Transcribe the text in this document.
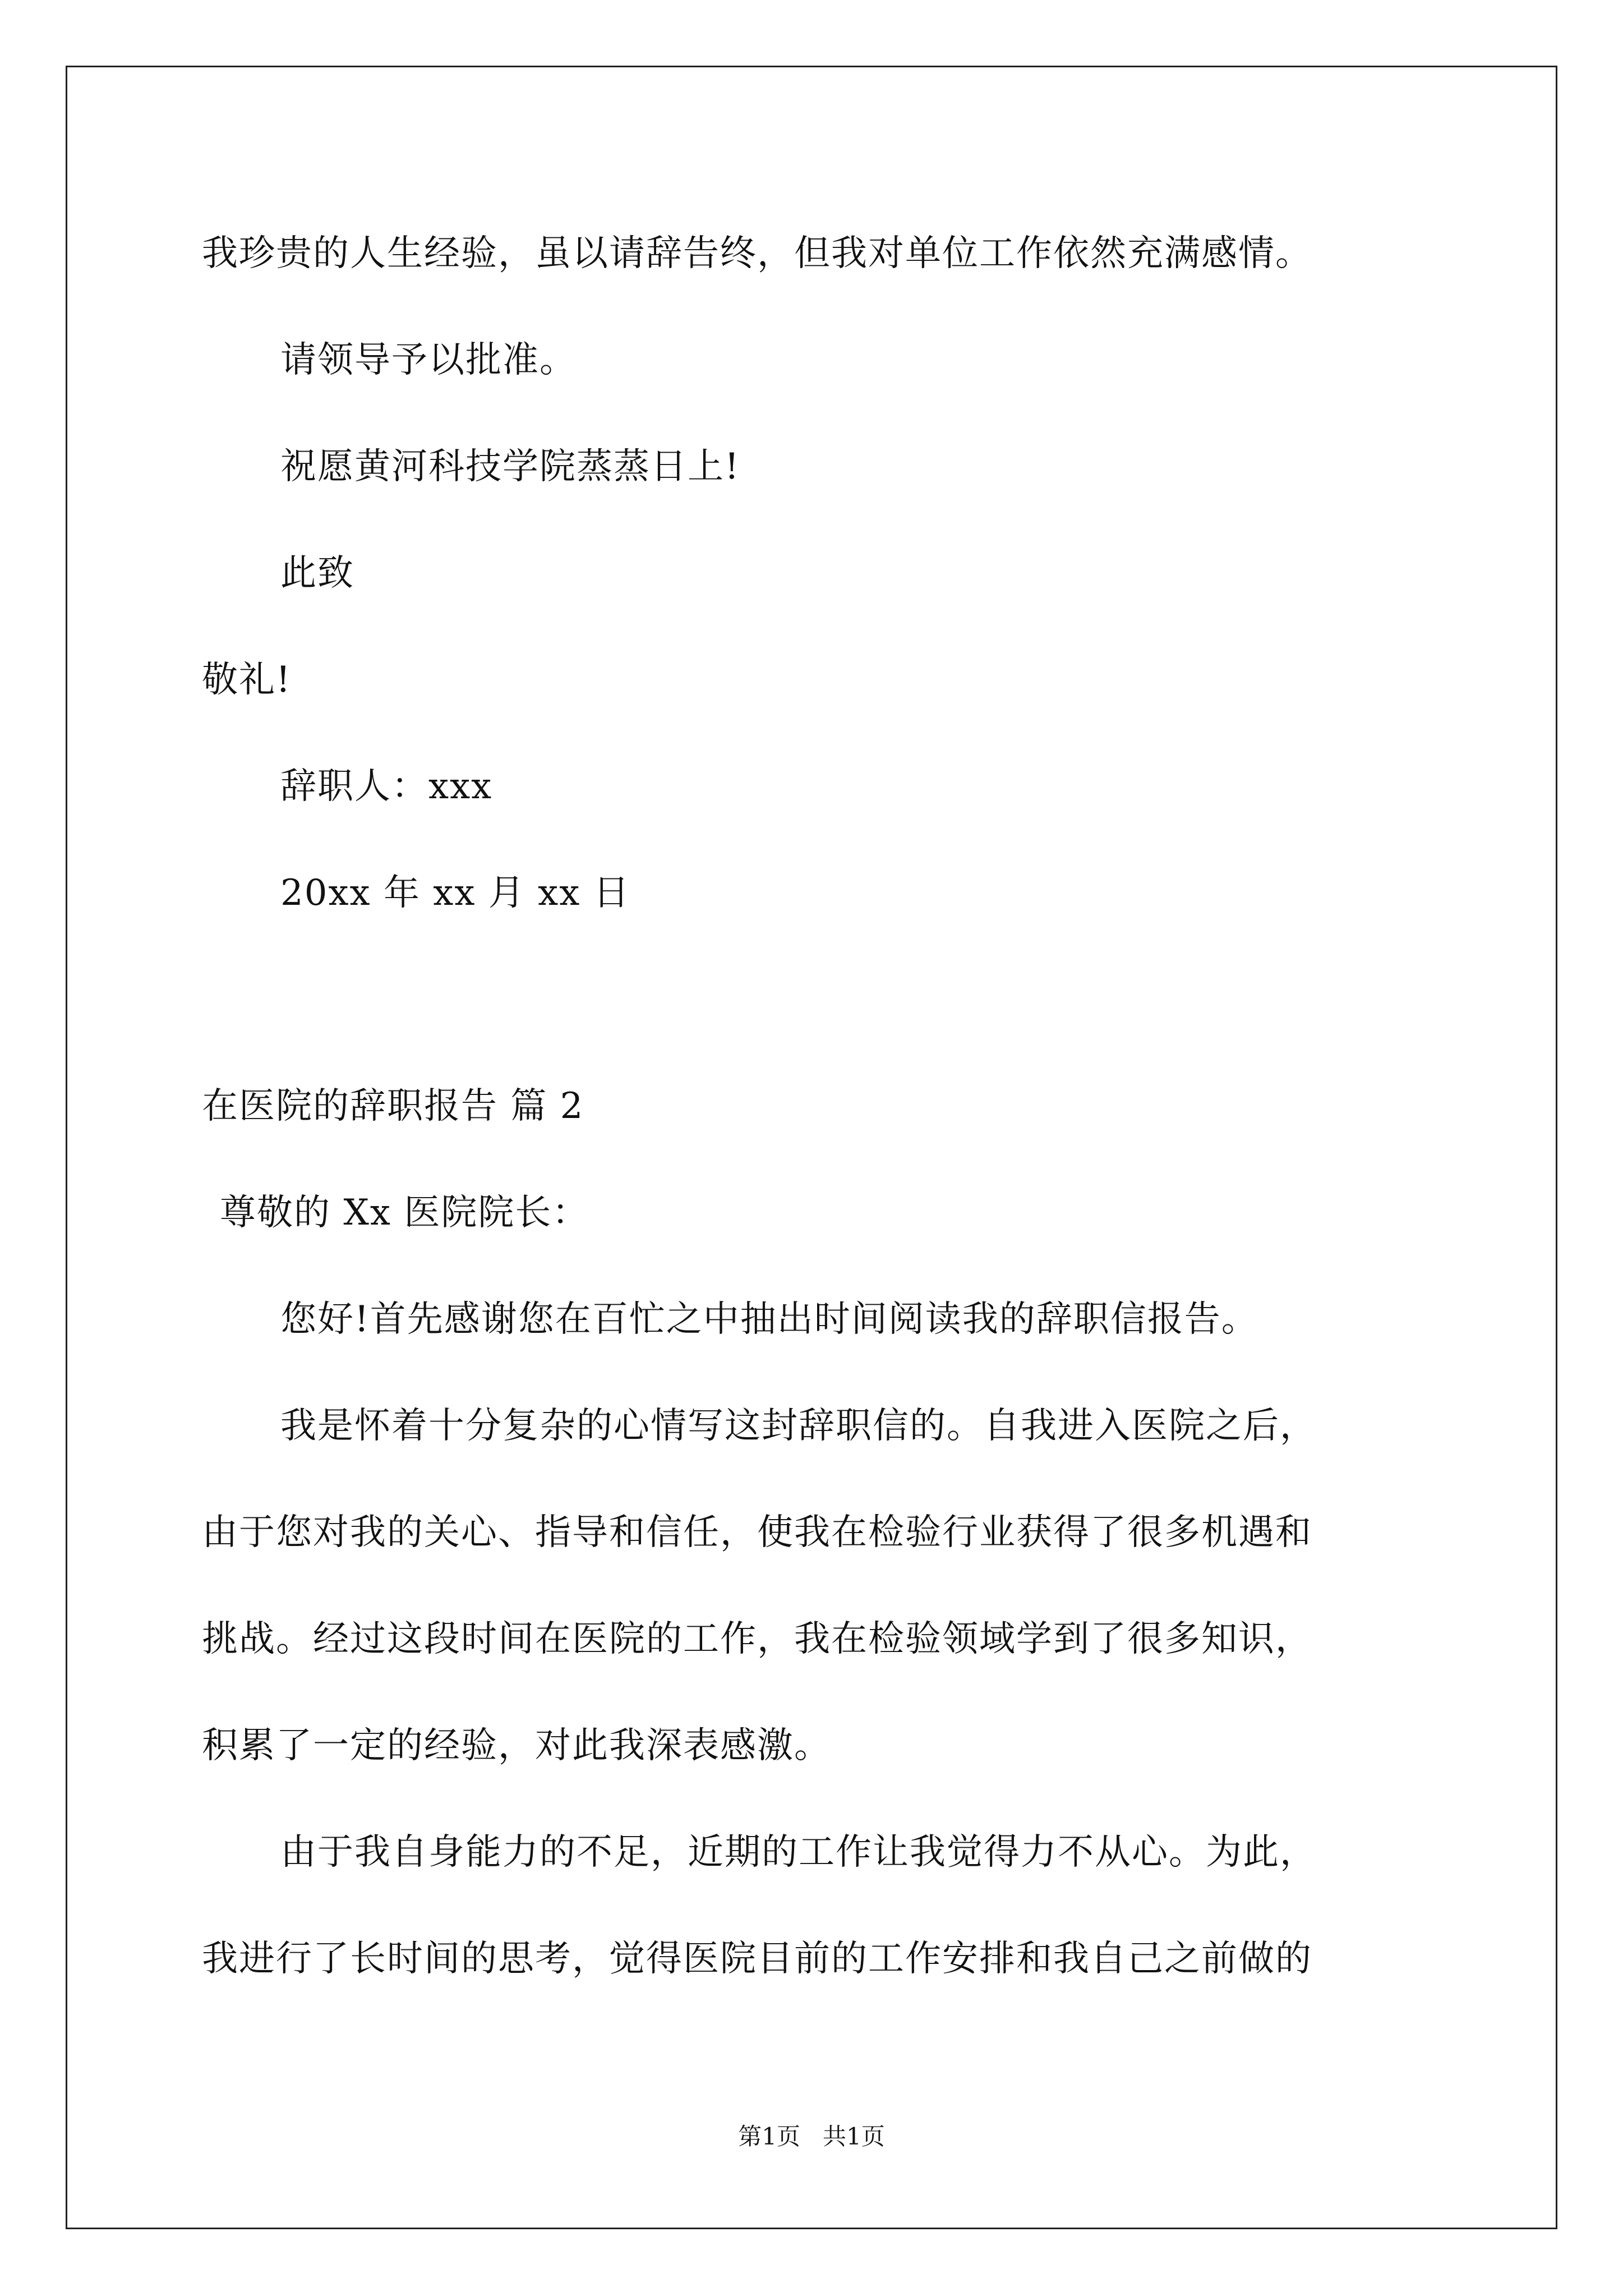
我珍贵的人生经验，虽以请辞告终，但我对单位工作依然充满感情。
请领导予以批准。
祝愿黄河科技学院蒸蒸日上!
此致
敬礼!
辞职人：xxx
20xx 年 xx 月 xx 日
在医院的辞职报告 篇 2
尊敬的 Xx 医院院长：
您好!首先感谢您在百忙之中抽出时间阅读我的辞职信报告。
我是怀着十分复杂的心情写这封辞职信的。自我进入医院之后，
由于您对我的关心、指导和信任，使我在检验行业获得了很多机遇和
挑战。经过这段时间在医院的工作，我在检验领域学到了很多知识，
积累了一定的经验，对此我深表感激。
由于我自身能力的不足，近期的工作让我觉得力不从心。为此，
我进行了长时间的思考，觉得医院目前的工作安排和我自己之前做的
第1页   共1页
